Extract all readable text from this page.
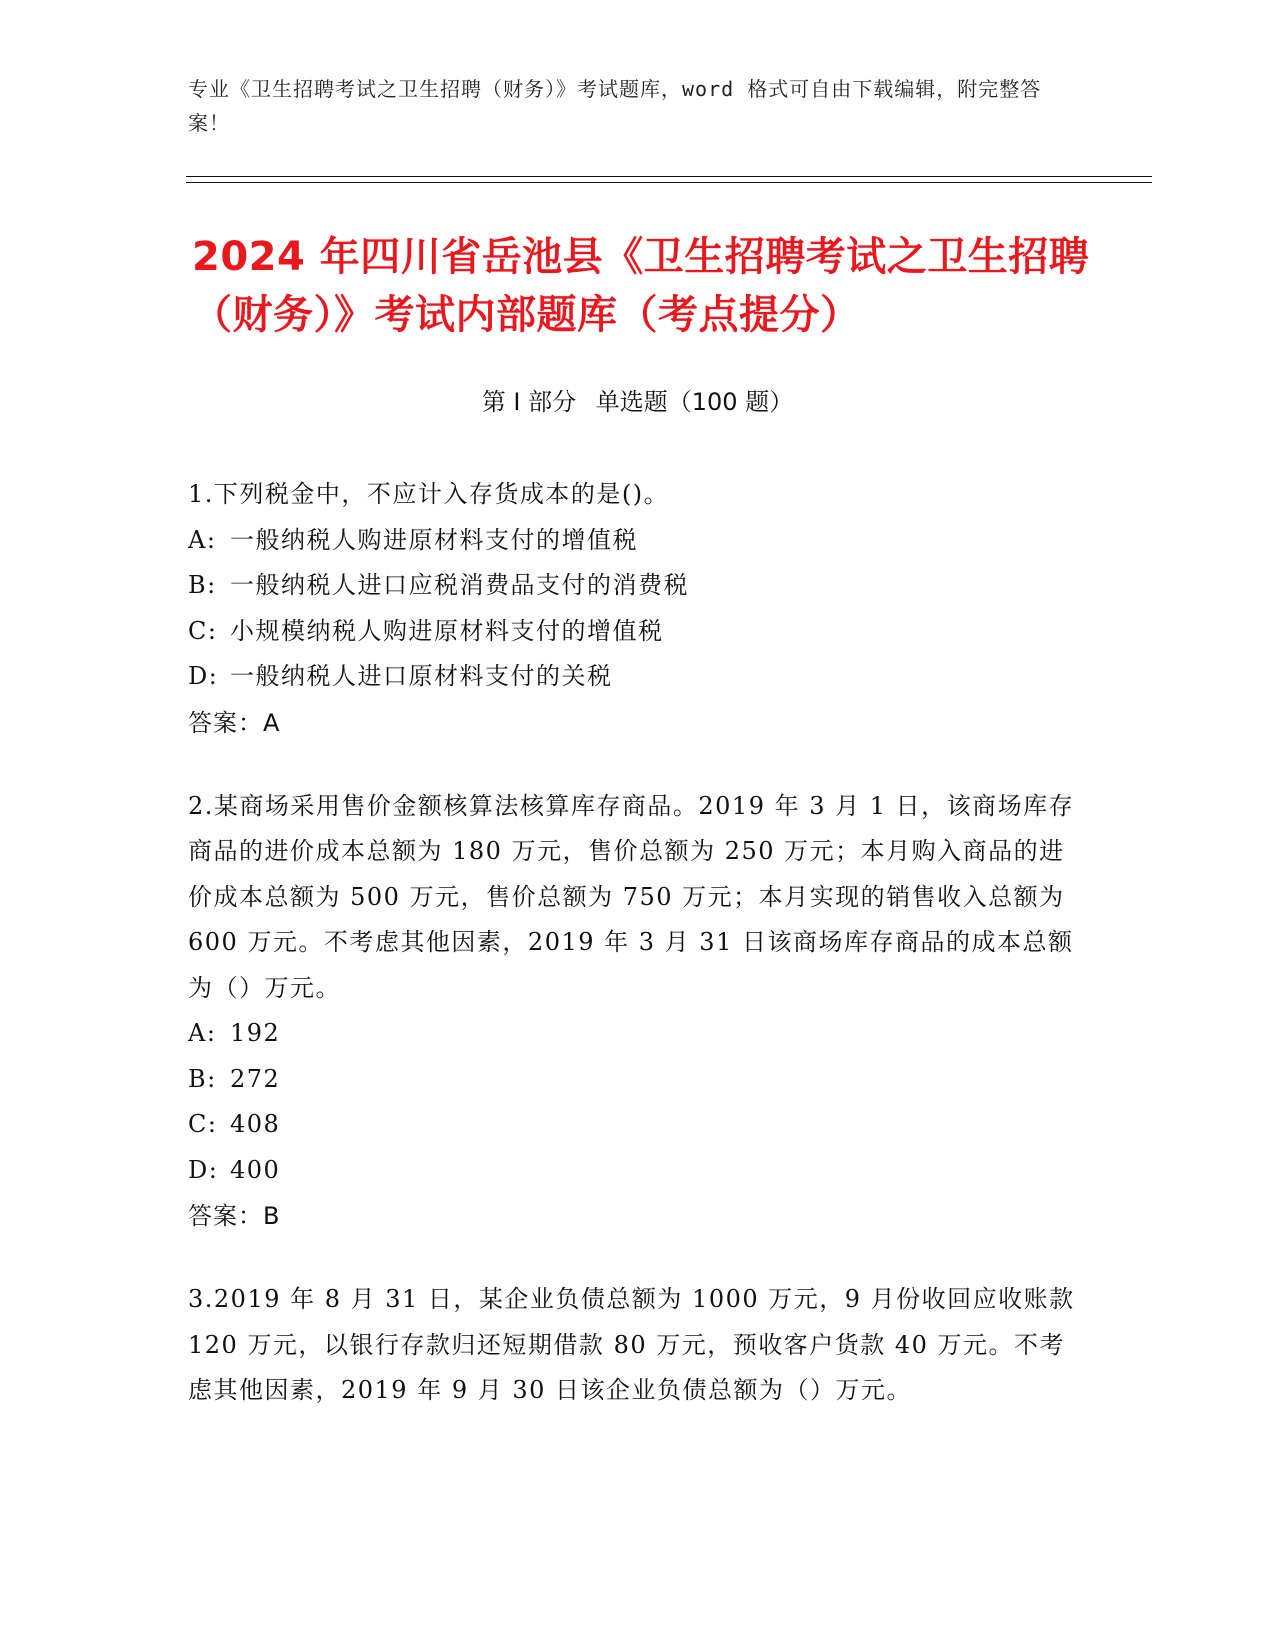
专业《卫生招聘考试之卫生招聘（财务）》考试题库，word 格式可自由下载编辑，附完整答案！
2024 年四川省岳池县《卫生招聘考试之卫生招聘（财务）》考试内部题库（考点提分）
第 I 部分 单选题（100 题）
1.下列税金中，不应计入存货成本的是()。
A: 一般纳税人购进原材料支付的增值税
B: 一般纳税人进口应税消费品支付的消费税
C: 小规模纳税人购进原材料支付的增值税
D: 一般纳税人进口原材料支付的关税
答案：A
2.某商场采用售价金额核算法核算库存商品。2019 年 3 月 1 日，该商场库存商品的进价成本总额为 180 万元，售价总额为 250 万元；本月购入商品的进价成本总额为 500 万元，售价总额为 750 万元；本月实现的销售收入总额为 600 万元。不考虑其他因素，2019 年 3 月 31 日该商场库存商品的成本总额为（）万元。
A: 192
B: 272
C: 408
D: 400
答案：B
3.2019 年 8 月 31 日，某企业负债总额为 1000 万元，9 月份收回应收账款 120 万元，以银行存款归还短期借款 80 万元，预收客户货款 40 万元。不考虑其他因素，2019 年 9 月 30 日该企业负债总额为（）万元。
